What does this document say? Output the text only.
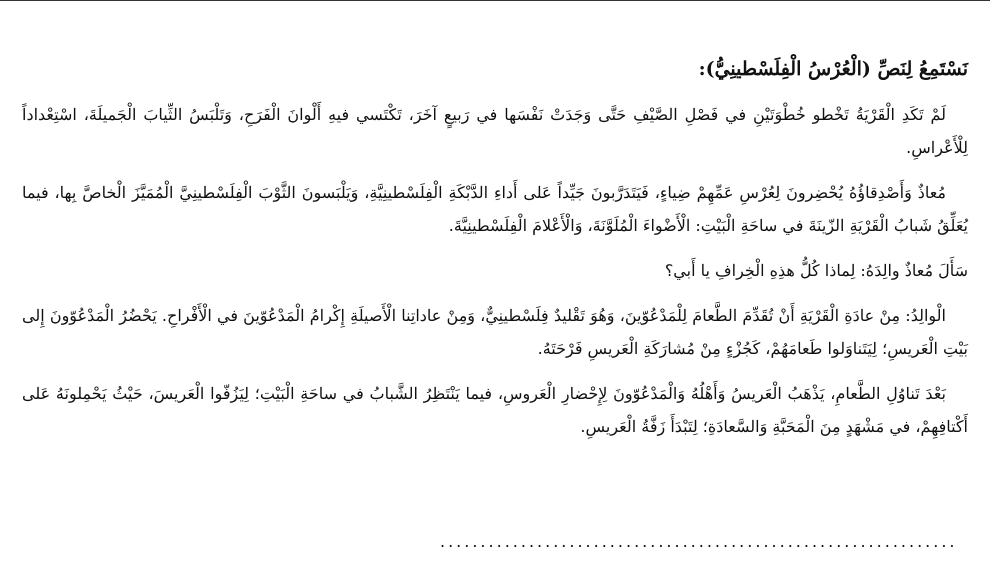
نَسْتَمِعُ لِنَصِّ (الْعُرْسُ الْفِلَسْطينِيُّ):

لَمْ تَكَدِ الْقَرْيَةُ تَخْطو خُطْوَتَيْنِ في فَصْلِ الصَّيْفِ حَتَّى وَجَدَتْ نَفْسَها في رَبيعٍ آخَرَ، تَكْتَسي فيهِ أَلْوانَ الْفَرَحِ، وَتَلْبَسُ الثِّيابَ الْجَميلَةَ، اسْتِعْداداً لِلْأَعْراسِ.

مُعاذٌ وَأَصْدِقاؤُهُ يُحْضِرونَ لِعُرْسِ عَمِّهِمْ ضِياءٍ، فَيَتَدَرَّبونَ جَيِّداً عَلى أَداءِ الدَّبْكَةِ الْفِلَسْطينِيَّةِ، وَيَلْبَسونَ الثَّوْبَ الْفِلَسْطينِيَّ الْمُمَيَّزَ الْخاصَّ بِها، فيما يُعَلِّقُ شَبابُ الْقَرْيَةِ الزّينَةَ في ساحَةِ الْبَيْتِ: الْأَضْواءَ الْمُلَوَّنَةَ، وَالْأَعْلامَ الْفِلَسْطينِيَّةَ.

سَأَلَ مُعاذٌ والِدَهُ: لِماذا كُلُّ هذِهِ الْخِرافِ يا أَبي؟

الْوالِدُ: مِنْ عادَةِ الْقَرْيَةِ أَنْ تُقَدِّمَ الطَّعامَ لِلْمَدْعُوّينَ، وَهُوَ تَقْليدٌ فِلَسْطينِيٌّ، وَمِنْ عاداتِنا الْأَصيلَةِ إِكْرامُ الْمَدْعُوّينَ في الْأَفْراحِ. يَحْضُرُ الْمَدْعُوّونَ إِلى بَيْتِ الْعَريسِ؛ لِيَتَناوَلوا طَعامَهُمْ، كَجُزْءٍ مِنْ مُشارَكَةِ الْعَريسِ فَرْحَتَهُ.

بَعْدَ تَناوُلِ الطَّعامِ، يَذْهَبُ الْعَريسُ وَأَهْلُهُ وَالْمَدْعُوّونَ لِإِحْضارِ الْعَروسِ، فيما يَنْتَظِرُ الشَّبابُ في ساحَةِ الْبَيْتِ؛ لِيَزُفّوا الْعَريسَ، حَيْثُ يَحْمِلونَهُ عَلى أَكْتافِهِمْ، في مَشْهَدٍ مِنَ الْمَحَبَّةِ وَالسَّعادَةِ؛ لِتَبْدَأَ زَفَّةُ الْعَريسِ.

................................................................
